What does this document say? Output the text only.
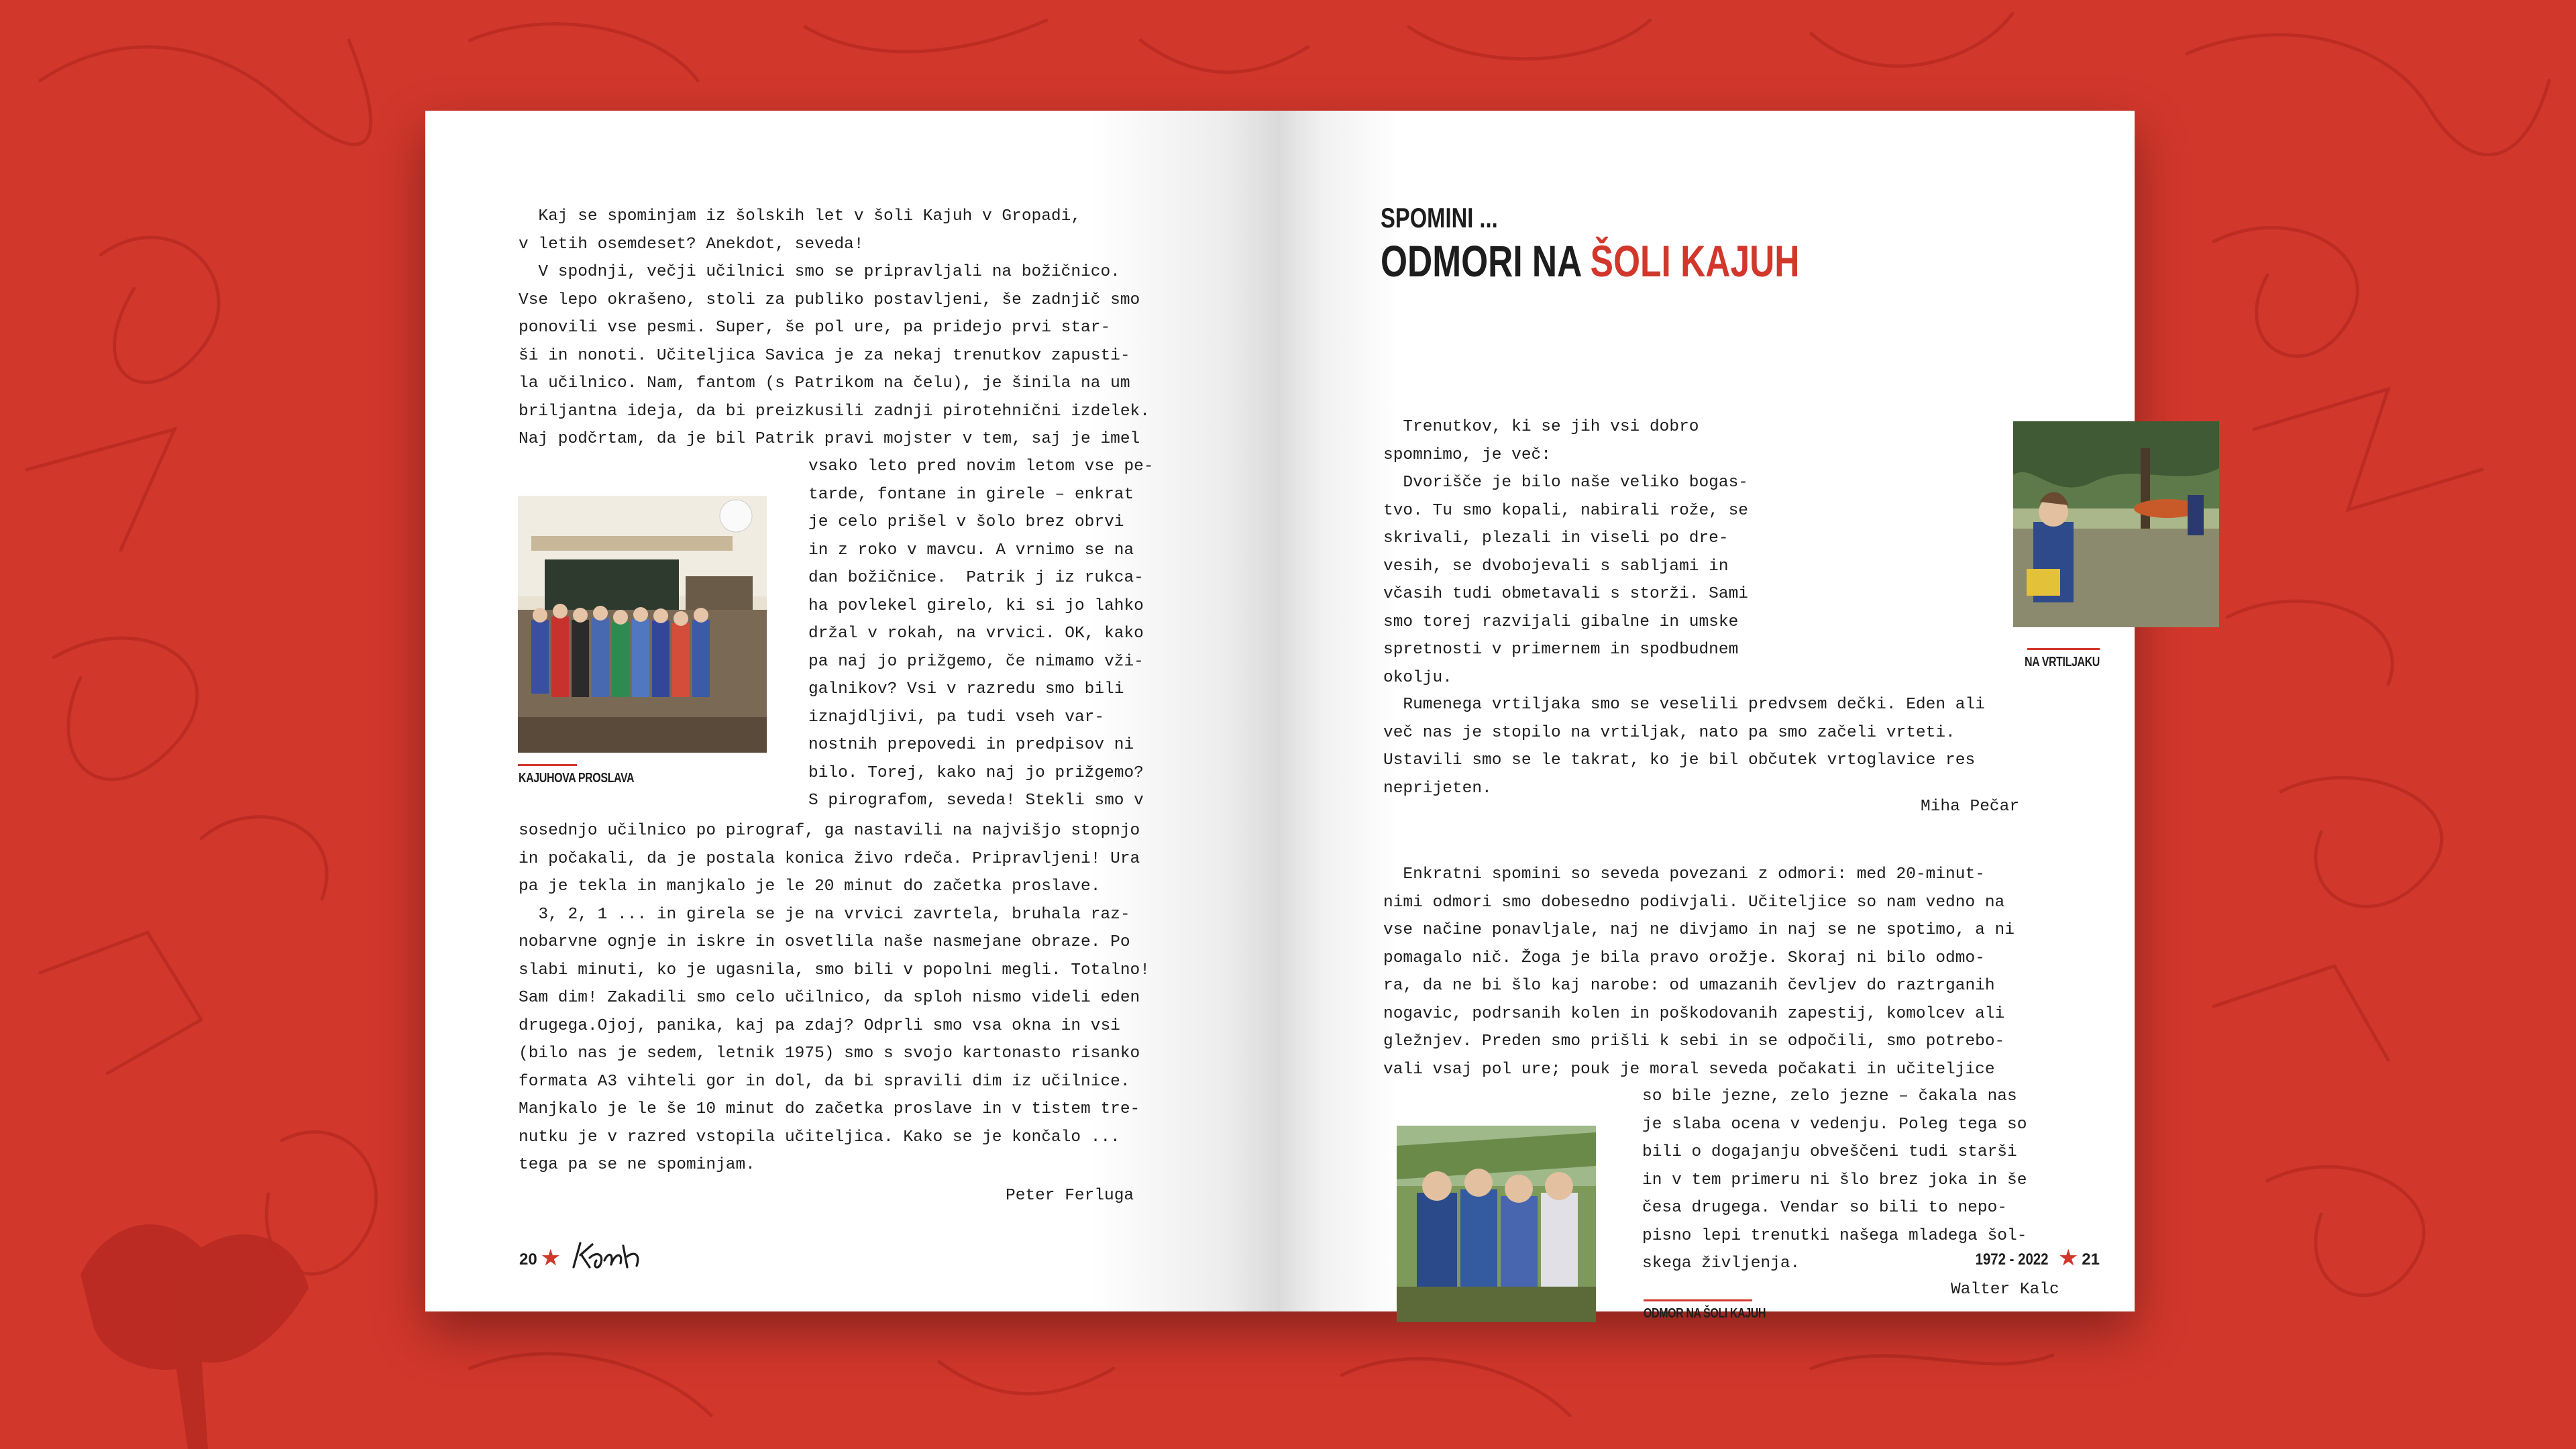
Kaj se spominjam iz šolskih let v šoli Kajuh v Gropadi,
v letih osemdeset? Anekdot, seveda!
V spodnji, večji učilnici smo se pripravljali na božičnico.
Vse lepo okrašeno, stoli za publiko postavljeni, še zadnjič smo
ponovili vse pesmi. Super, še pol ure, pa pridejo prvi star-
ši in nonoti. Učiteljica Savica je za nekaj trenutkov zapusti-
la učilnico. Nam, fantom (s Patrikom na čelu), je šinila na um
briljantna ideja, da bi preizkusili zadnji pirotehnični izdelek.
Naj podčrtam, da je bil Patrik pravi mojster v tem, saj je imel
KAJUHOVA PROSLAVA
vsako leto pred novim letom vse pe-
tarde, fontane in girele – enkrat
je celo prišel v šolo brez obrvi
in z roko v mavcu. A vrnimo se na
dan božičnice.  Patrik j iz rukca-
ha povlekel girelo, ki si jo lahko
držal v rokah, na vrvici. OK, kako
pa naj jo prižgemo, če nimamo vži-
galnikov? Vsi v razredu smo bili
iznajdljivi, pa tudi vseh var-
nostnih prepovedi in predpisov ni
bilo. Torej, kako naj jo prižgemo?
S pirografom, seveda! Stekli smo v
sosednjo učilnico po pirograf, ga nastavili na najvišjo stopnjo
in počakali, da je postala konica živo rdeča. Pripravljeni! Ura
pa je tekla in manjkalo je le 20 minut do začetka proslave.
3, 2, 1 ... in girela se je na vrvici zavrtela, bruhala raz-
nobarvne ognje in iskre in osvetlila naše nasmejane obraze. Po
slabi minuti, ko je ugasnila, smo bili v popolni megli. Totalno!
Sam dim! Zakadili smo celo učilnico, da sploh nismo videli eden
drugega.Ojoj, panika, kaj pa zdaj? Odprli smo vsa okna in vsi
(bilo nas je sedem, letnik 1975) smo s svojo kartonasto risanko
formata A3 vihteli gor in dol, da bi spravili dim iz učilnice.
Manjkalo je le še 10 minut do začetka proslave in v tistem tre-
nutku je v razred vstopila učiteljica. Kako se je končalo ...
tega pa se ne spominjam.
Peter Ferluga
20 ★
SPOMINI ...
ODMORI NA ŠOLI KAJUH
Trenutkov, ki se jih vsi dobro
spomnimo, je več:
Dvorišče je bilo naše veliko bogas-
tvo. Tu smo kopali, nabirali rože, se
skrivali, plezali in viseli po dre-
vesih, se dvobojevali s sabljami in
včasih tudi obmetavali s storži. Sami
smo torej razvijali gibalne in umske
spretnosti v primernem in spodbudnem
okolju.
NA VRTILJAKU
Rumenega vrtiljaka smo se veselili predvsem dečki. Eden ali
več nas je stopilo na vrtiljak, nato pa smo začeli vrteti.
Ustavili smo se le takrat, ko je bil občutek vrtoglavice res
neprijeten.
Miha Pečar
Enkratni spomini so seveda povezani z odmori: med 20-minut-
nimi odmori smo dobesedno podivjali. Učiteljice so nam vedno na
vse načine ponavljale, naj ne divjamo in naj se ne spotimo, a ni
pomagalo nič. Žoga je bila pravo orožje. Skoraj ni bilo odmo-
ra, da ne bi šlo kaj narobe: od umazanih čevljev do raztrganih
nogavic, podrsanih kolen in poškodovanih zapestij, komolcev ali
gležnjev. Preden smo prišli k sebi in se odpočili, smo potrebo-
vali vsaj pol ure; pouk je moral seveda počakati in učiteljice
so bile jezne, zelo jezne – čakala nas
je slaba ocena v vedenju. Poleg tega so
bili o dogajanju obveščeni tudi starši
in v tem primeru ni šlo brez joka in še
česa drugega. Vendar so bili to nepo-
pisno lepi trenutki našega mladega šol-
skega življenja.
Walter Kalc
ODMOR NA ŠOLI KAJUH
1972 - 2022 ★ 21
